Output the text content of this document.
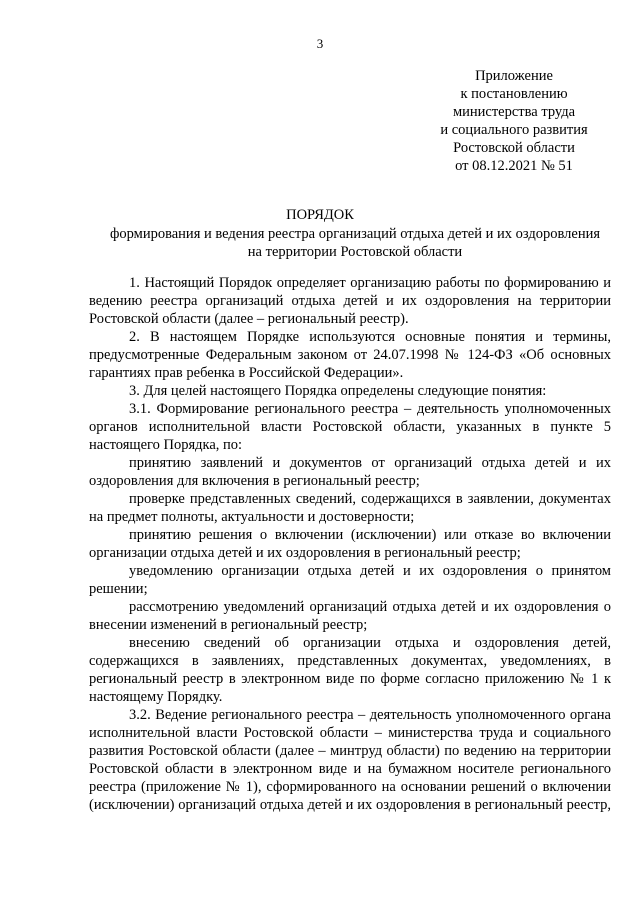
3
Приложение
к постановлению
министерства труда
и социального развития
Ростовской области
от 08.12.2021 № 51
ПОРЯДОК
формирования и ведения реестра организаций отдыха детей и их оздоровления
на территории Ростовской области

1. Настоящий Порядок определяет организацию работы по формированию и ведению реестра организаций отдыха детей и их оздоровления на территории Ростовской области (далее – региональный реестр).

2. В настоящем Порядке используются основные понятия и термины, предусмотренные Федеральным законом от 24.07.1998 № 124-ФЗ «Об основных гарантиях прав ребенка в Российской Федерации».

3. Для целей настоящего Порядка определены следующие понятия:

3.1. Формирование регионального реестра – деятельность уполномоченных органов исполнительной власти Ростовской области, указанных в пункте 5 настоящего Порядка, по:

принятию заявлений и документов от организаций отдыха детей и их оздоровления для включения в региональный реестр;

проверке представленных сведений, содержащихся в заявлении, документах на предмет полноты, актуальности и достоверности;

принятию решения о включении (исключении) или отказе во включении организации отдыха детей и их оздоровления в региональный реестр;

уведомлению организации отдыха детей и их оздоровления о принятом решении;

рассмотрению уведомлений организаций отдыха детей и их оздоровления о внесении изменений в региональный реестр;

внесению сведений об организации отдыха и оздоровления детей, содержащихся в заявлениях, представленных документах, уведомлениях, в региональный реестр в электронном виде по форме согласно приложению № 1 к настоящему Порядку.

3.2. Ведение регионального реестра – деятельность уполномоченного органа исполнительной власти Ростовской области – министерства труда и социального развития Ростовской области (далее – минтруд области) по ведению на территории Ростовской области в электронном виде и на бумажном носителе регионального реестра (приложение № 1), сформированного на основании решений о включении (исключении) организаций отдыха детей и их оздоровления в региональный реестр,
